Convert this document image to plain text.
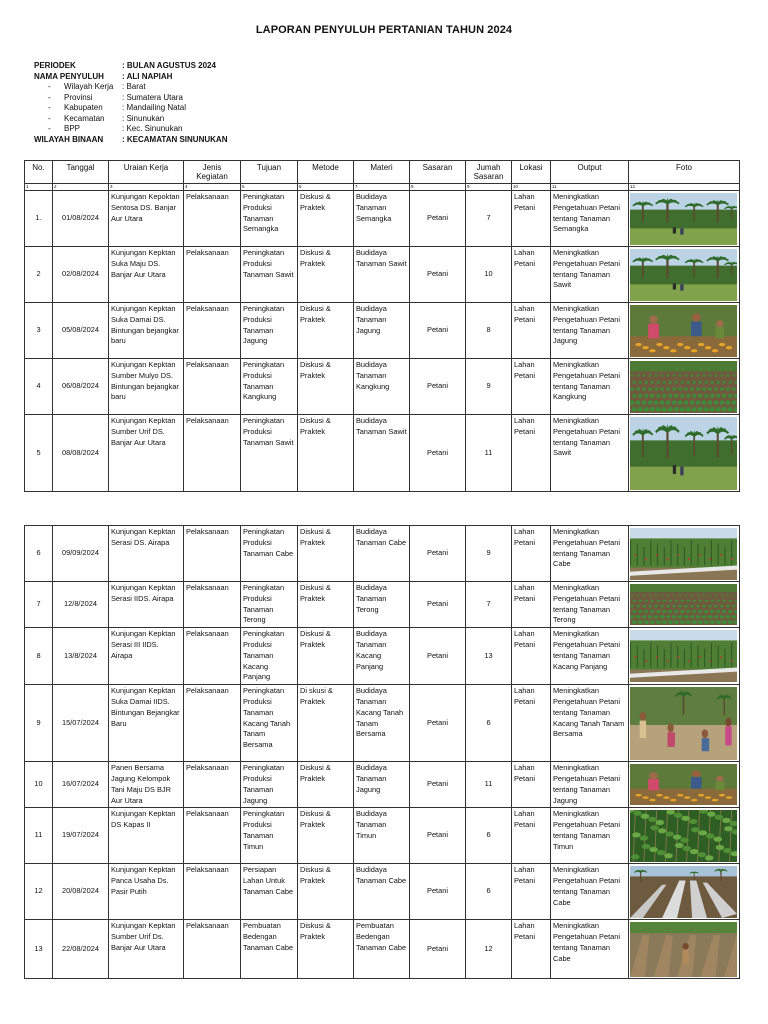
LAPORAN PENYULUH PERTANIAN TAHUN 2024
PERIODEK	: BULAN AGUSTUS 2024
NAMA PENYULUH	: ALI NAPIAH
-	Wilayah Kerja	: Barat
-	Provinsi	: Sumatera Utara
-	Kabupaten	: Mandailing Natal
-	Kecamatan	: Sinunukan
-	BPP	: Kec. Sinunukan
WILAYAH BINAAN	: KECAMATAN SINUNUKAN
No.	Tanggal	Uraian Kerja	Jenis Kegiatan	Tujuan	Metode	Materi	Sasaran	Jumah Sasaran	Lokasi	Output	Foto
1	2	3	4	5	6	7	8	9	10	11	12
1.	01/08/2024	Kunjungan Kepoktan Sentosa DS. Banjar Aur Utara	Pelaksanaan	Peningkatan Produksi Tanaman Semangka	Diskusi & Praktek	Budidaya Tanaman Semangka	Petani	7	Lahan Petani	Meningkatkan Pengetahuan Petani tentang Tanaman Semangka	

2	02/08/2024	Kunjungan Kepktan Suka Maju DS. Banjar Aur Utara	Pelaksanaan	Peningkatan Produksi Tanaman Sawit	Diskusi & Praktek	Budidaya Tanaman Sawit	Petani	10	Lahan Petani	Meningkatkan Pengetahuan Petani tentang Tanaman Sawit	

3	05/08/2024	Kunjungan Kepktan Suka Damai DS. Bintungan bejangkar baru	Pelaksanaan	Peningkatan Produksi Tanaman Jagung	Diskusi & Praktek	Budidaya Tanaman Jagung	Petani	8	Lahan Petani	Meningkatkan Pengetahuan Petani tentang Tanaman Jagung	

4	06/08/2024	Kunjungan Kepktan Sumber Mulyo DS. Bintungan bejangkar baru	Pelaksanaan	Peningkatan Produksi Tanaman Kangkung	Diskusi & Praktek	Budidaya Tanaman Kangkung	Petani	9	Lahan Petani	Meningkatkan Pengetahuan Petani tentang Tanaman Kangkung	

5	08/08/2024	Kunjungan Kepktan Sumber Urif DS. Banjar Aur Utara	Pelaksanaan	Peningkatan Produksi Tanaman Sawit	Diskusi & Praktek	Budidaya Tanaman Sawit	Petani	11	Lahan Petani	Meningkatkan Pengetahuan Petani tentang Tanaman Sawit	
6	09/09/2024	Kunjungan Kepktan Serasi DS. Airapa	Pelaksanaan	Peningkatan Produksi Tanaman Cabe	Diskusi & Praktek	Budidaya Tanaman Cabe	Petani	9	Lahan Petani	Meningkatkan Pengetahuan Petani tentang Tanaman Cabe	

7	12/8/2024	Kunjungan Kepktan Serasi IIDS. Airapa	Pelaksanaan	Peningkatan Produksi Tanaman Terong	Diskusi & Praktek	Budidaya Tanaman Terong	Petani	7	Lahan Petani	Meningkatkan Pengetahuan Petani tentang Tanaman Terong	

8	13/8/2024	Kunjungan Kepktan Serasi III IIDS. Airapa	Pelaksanaan	Peningkatan Produksi Tanaman Kacang Panjang	Diskusi & Praktek	Budidaya Tanaman Kacang Panjang	Petani	13	Lahan Petani	Meningkatkan Pengetahuan Petani tentang Tanaman Kacang Panjang	

9	15/07/2024	Kunjungan Kepktan Suka Damai IIDS. Bintungan Bejangkar Baru	Pelaksanaan	Peningkatan Produksi Tanaman Kacang Tanah Tanam Bersama	Di skusi & Praktek	Budidaya Tanaman Kacang Tanah Tanam Bersama	Petani	6	Lahan Petani	Meningkatkan Pengetahuan Petani tentang Tanaman Kacang Tanah Tanam Bersama	

10	16/07/2024	Panen Bersama Jagung Kelompok Tani Maju DS BJR Aur Utara	Pelaksanaan	Peningkatan Produksi Tanaman Jagung	Diskusi & Praktek	Budidaya Tanaman Jagung	Petani	11	Lahan Petani	Meningkatkan Pengetahuan Petani tentang Tanaman Jagung	

11	19/07/2024	Kunjungan Kepktan DS Kapas II	Pelaksanaan	Peningkatan Produksi Tanaman Timun	Diskusi & Praktek	Budidaya Tanaman Timun	Petani	6	Lahan Petani	Meningkatkan Pengetahuan Petani tentang Tanaman Timun	

12	20/08/2024	Kunjungan Kepktan Panca Usaha Ds. Pasir Putih	Pelaksanaan	Persiapan Lahan Untuk Tanaman Cabe	Diskusi & Praktek	Budidaya Tanaman Cabe	Petani	6	Lahan Petani	Meningkatkan Pengetahuan Petani tentang Tanaman Cabe	

13	22/08/2024	Kunjungan Kepktan Sumber Urif Ds. Banjar Aur Utara	Pelaksanaan	Pembuatan Bedengan Tanaman Cabe	Diskusi & Praktek	Pembuatan Bedengan Tanaman Cabe	Petani	12	Lahan Petani	Meningkatkan Pengetahuan Petani tentang Tanaman Cabe	
